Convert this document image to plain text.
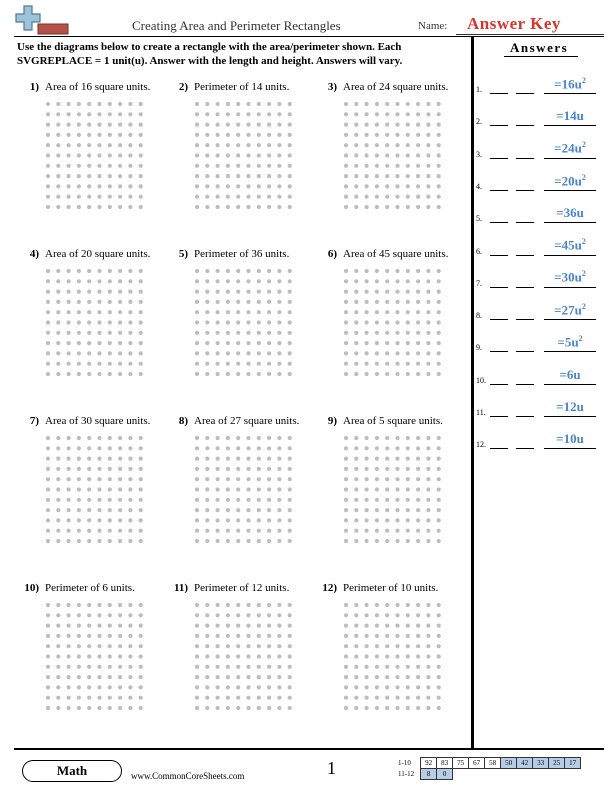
Creating Area and Perimeter Rectangles	Name: Answer Key
Use the diagrams below to create a rectangle with the area/perimeter shown. Each SVGREPLACE = 1 unit(u). Answer with the length and height. Answers will vary.
1) Area of 16 square units.	2) Perimeter of 14 units.	3) Area of 24 square units.
4) Area of 20 square units.	5) Perimeter of 36 units.	6) Area of 45 square units.
7) Area of 30 square units.	8) Area of 27 square units.	9) Area of 5 square units.
10) Perimeter of 6 units.	11) Perimeter of 12 units.	12) Perimeter of 10 units.
Answers
1.	$=16u^2$
2.	=14u
3.	$=24u^2$
4.	$=20u^2$
5.	=36u
6.	$=45u^2$
7.	$=30u^2$
8.	$=27u^2$
9.	$=5u^2$
10.	=6u
11.	=12u
12.	=10u
Math	www.CommonCoreSheets.com	1	1-10	92	83	75	67	58	50	42	33	25	17
11-12	8	0								
